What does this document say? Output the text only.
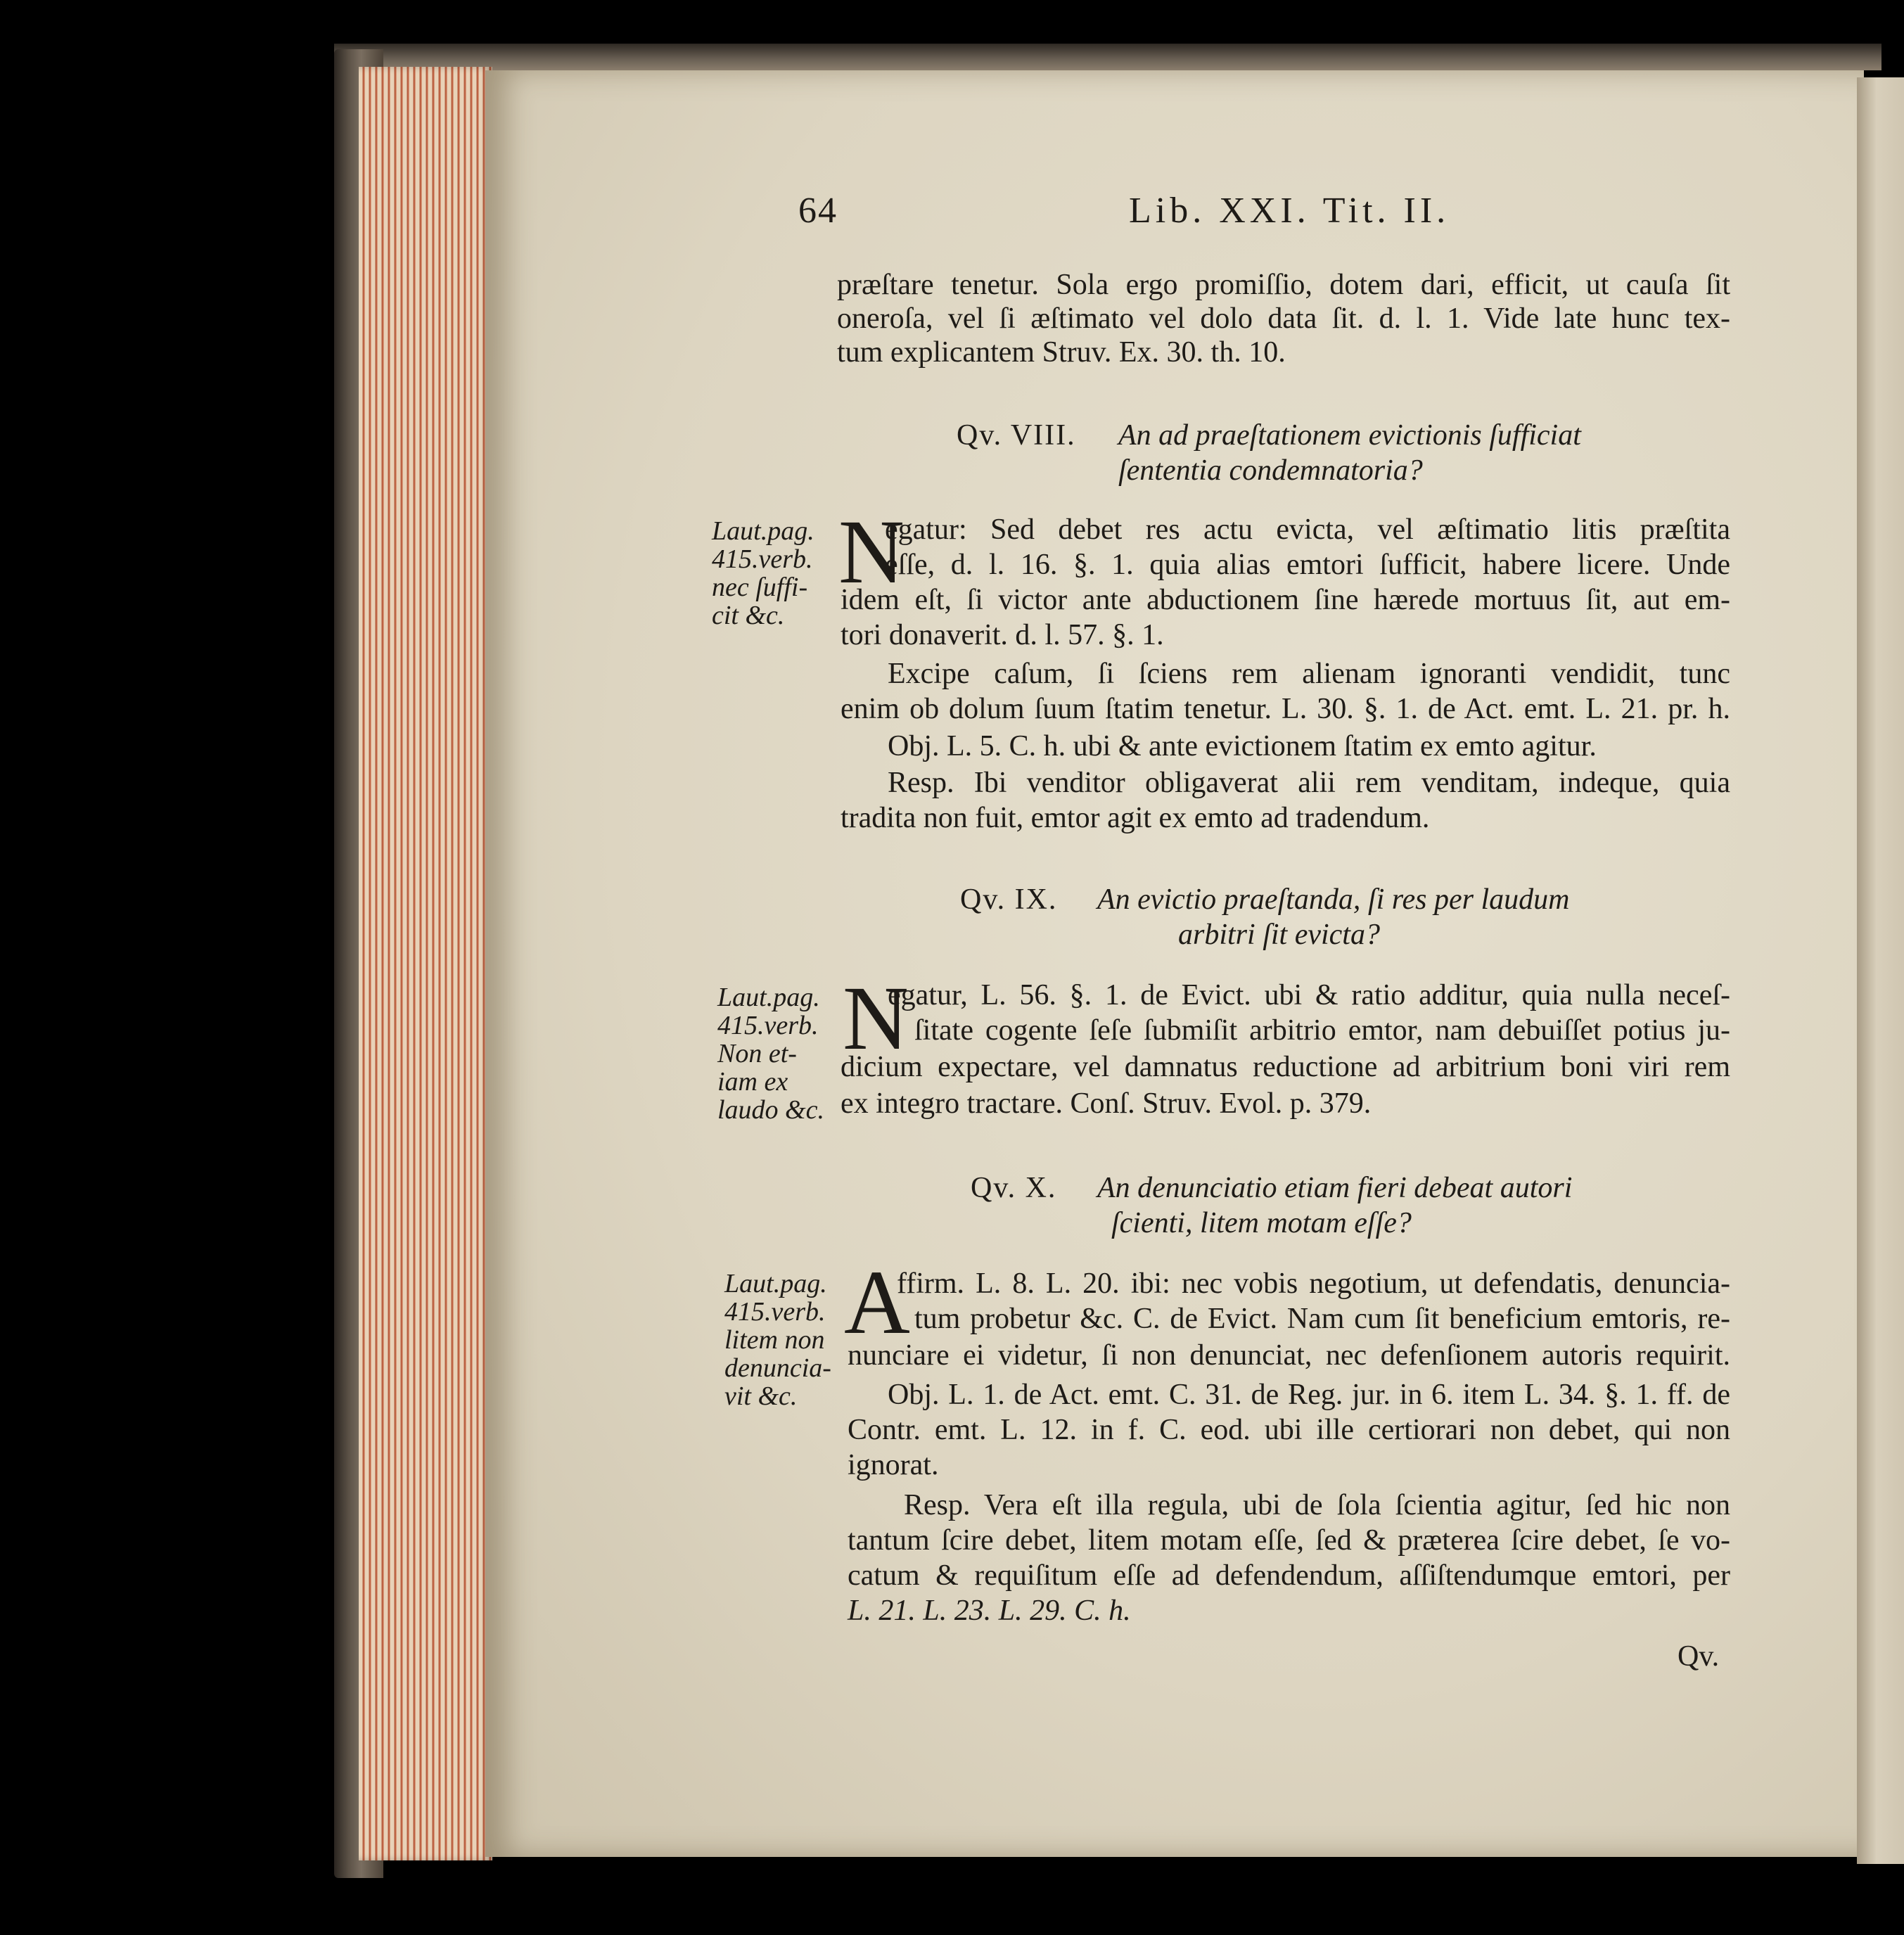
64	Lib. XXI. Tit. II.
præſtare tenetur. Sola ergo promiſſio, dotem dari, efficit, ut cauſa ſit
oneroſa, vel ſi æſtimato vel dolo data ſit. d. l. 1. Vide late hunc tex-
tum explicantem Struv. Ex. 30. th. 10.
Qv. VIII. An ad praeſtationem evictionis ſufficiat
ſententia condemnatoria?
Laut.pag.
415.verb.
nec ſuffi-
cit &c.
N
egatur: Sed debet res actu evicta, vel æſtimatio litis præſtita
eſſe, d. l. 16. §. 1. quia alias emtori ſufficit, habere licere. Unde
idem eſt, ſi victor ante abductionem ſine hærede mortuus ſit, aut em-
tori donaverit. d. l. 57. §. 1.
Excipe caſum, ſi ſciens rem alienam ignoranti vendidit, tunc
enim ob dolum ſuum ſtatim tenetur. L. 30. §. 1. de Act. emt. L. 21. pr. h.
Obj. L. 5. C. h. ubi & ante evictionem ſtatim ex emto agitur.
Resp. Ibi venditor obligaverat alii rem venditam, indeque, quia
tradita non fuit, emtor agit ex emto ad tradendum.
Qv. IX. An evictio praeſtanda, ſi res per laudum
arbitri ſit evicta?
Laut.pag.
415.verb.
Non et-
iam ex
laudo &c.
N
egatur, L. 56. §. 1. de Evict. ubi & ratio additur, quia nulla neceſ-
ſitate cogente ſeſe ſubmiſit arbitrio emtor, nam debuiſſet potius ju-
dicium expectare, vel damnatus reductione ad arbitrium boni viri rem
ex integro tractare. Conſ. Struv. Evol. p. 379.
Qv. X. An denunciatio etiam fieri debeat autori
ſcienti, litem motam eſſe?
Laut.pag.
415.verb.
litem non
denuncia-
vit &c.
A
ffirm. L. 8. L. 20. ibi: nec vobis negotium, ut defendatis, denuncia-
tum probetur &c. C. de Evict. Nam cum ſit beneficium emtoris, re-
nunciare ei videtur, ſi non denunciat, nec defenſionem autoris requirit.
Obj. L. 1. de Act. emt. C. 31. de Reg. jur. in 6. item L. 34. §. 1. ff. de
Contr. emt. L. 12. in f. C. eod. ubi ille certiorari non debet, qui non
ignorat.
Resp. Vera eſt illa regula, ubi de ſola ſcientia agitur, ſed hic non
tantum ſcire debet, litem motam eſſe, ſed & præterea ſcire debet, ſe vo-
catum & requiſitum eſſe ad defendendum, aſſiſtendumque emtori, per
L. 21. L. 23. L. 29. C. h.
Qv.
